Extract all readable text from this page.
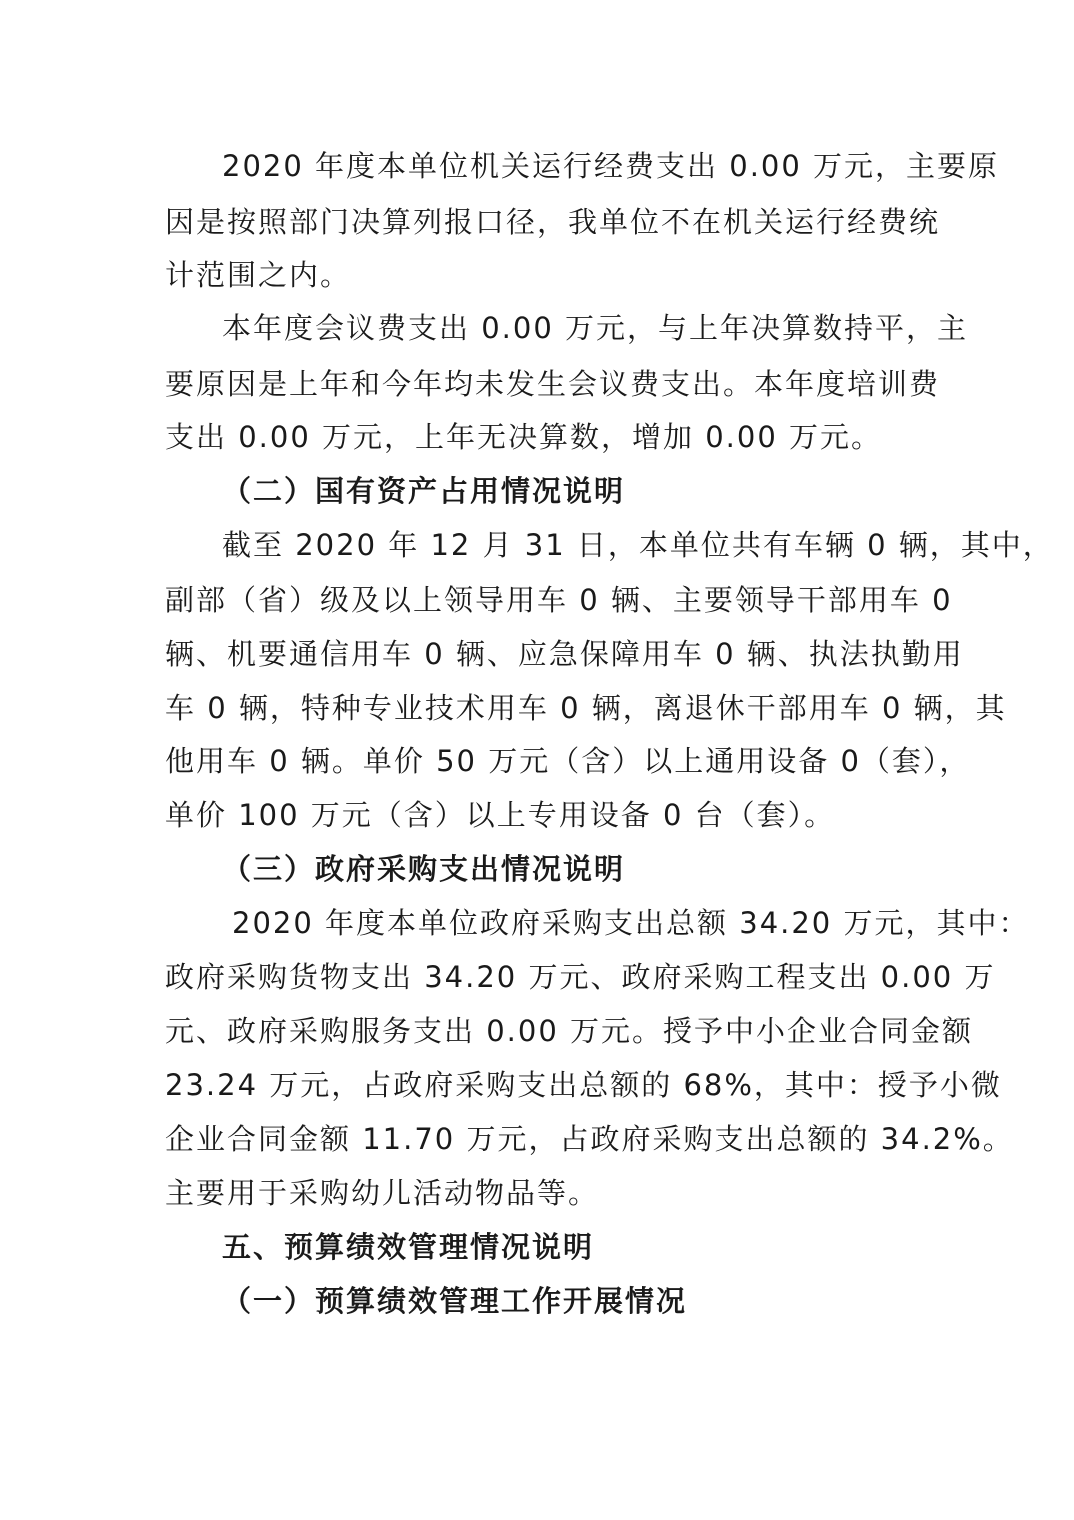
2020 年度本单位机关运行经费支出 0.00 万元，主要原
因是按照部门决算列报口径，我单位不在机关运行经费统
计范围之内。
本年度会议费支出 0.00 万元，与上年决算数持平，主
要原因是上年和今年均未发生会议费支出。本年度培训费
支出 0.00 万元，上年无决算数，增加 0.00 万元。
（二）国有资产占用情况说明
截至 2020 年 12 月 31 日，本单位共有车辆 0 辆，其中，
副部（省）级及以上领导用车 0 辆、主要领导干部用车 0
辆、机要通信用车 0 辆、应急保障用车 0 辆、执法执勤用
车 0 辆，特种专业技术用车 0 辆，离退休干部用车 0 辆，其
他用车 0 辆。单价 50 万元（含）以上通用设备 0（套），
单价 100 万元（含）以上专用设备 0 台（套）。
（三）政府采购支出情况说明
2020 年度本单位政府采购支出总额 34.20 万元，其中：
政府采购货物支出 34.20 万元、政府采购工程支出 0.00 万
元、政府采购服务支出 0.00 万元。授予中小企业合同金额
23.24 万元，占政府采购支出总额的 68%，其中：授予小微
企业合同金额 11.70 万元，占政府采购支出总额的 34.2%。
主要用于采购幼儿活动物品等。
五、预算绩效管理情况说明
（一）预算绩效管理工作开展情况
